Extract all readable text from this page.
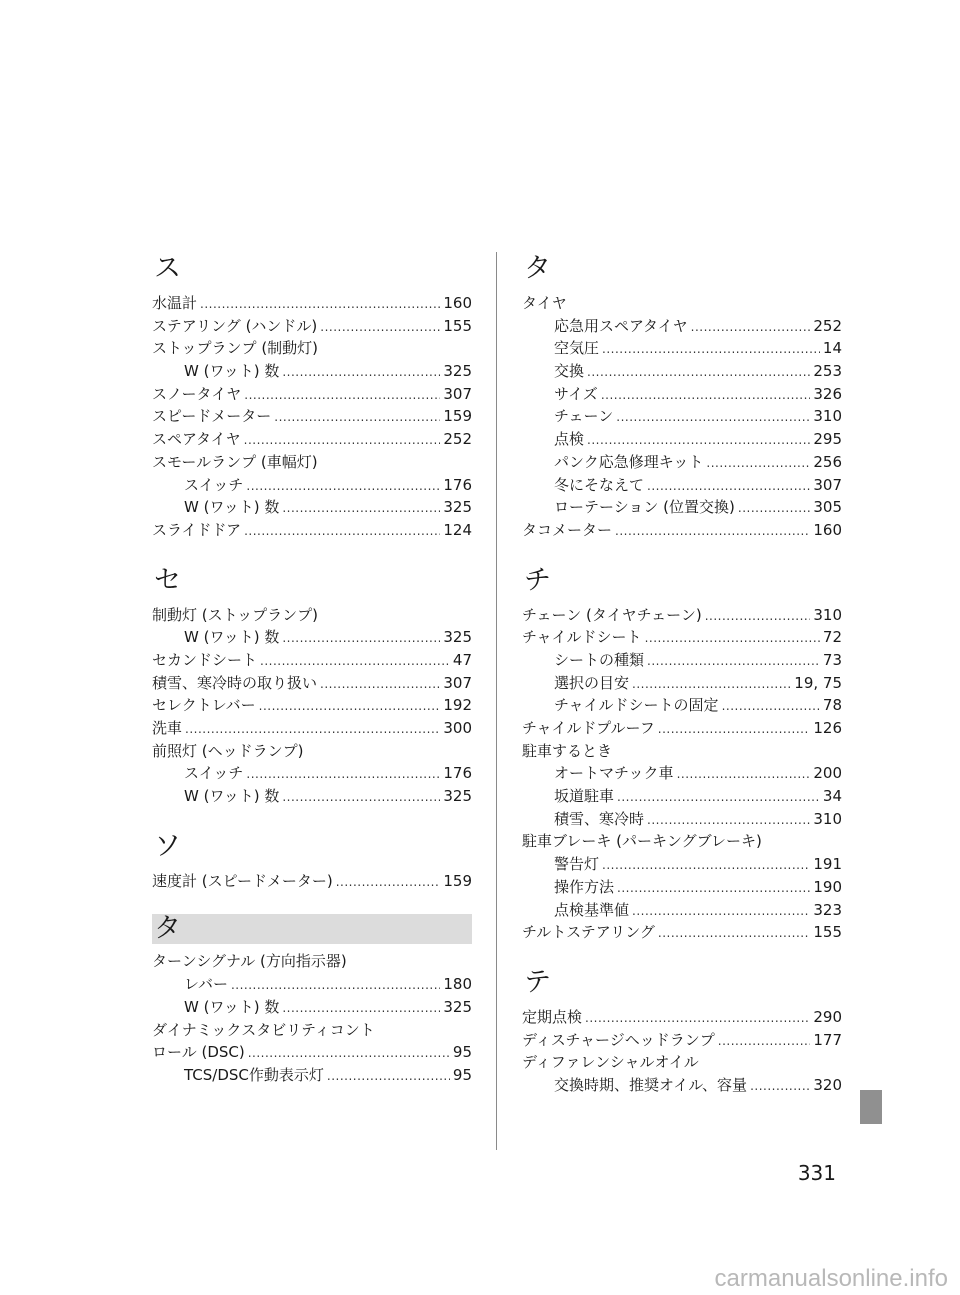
ス
水温計 .....	160
ステアリング (ハンドル) .....	155
ストップランプ (制動灯)
W (ワット) 数 .....	325
スノータイヤ .....	307
スピードメーター .....	159
スペアタイヤ .....	252
スモールランプ (車幅灯)
スイッチ .....	176
W (ワット) 数 .....	325
スライドドア .....	124
セ
制動灯 (ストップランプ)
W (ワット) 数 .....	325
セカンドシート .....	47
積雪、寒冷時の取り扱い .....	307
セレクトレバー .....	192
洗車 .....	300
前照灯 (ヘッドランプ)
スイッチ .....	176
W (ワット) 数 .....	325
ソ
速度計 (スピードメーター) .....	159
タ
ターンシグナル (方向指示器)
レバー .....	180
W (ワット) 数 .....	325
ダイナミックスタビリティコント
ロール (DSC) .....	95
TCS/DSC作動表示灯 .....	95
タ
タイヤ
応急用スペアタイヤ .....	252
空気圧 .....	14
交換 .....	253
サイズ .....	326
チェーン .....	310
点検 .....	295
パンク応急修理キット .....	256
冬にそなえて .....	307
ローテーション (位置交換) .....	305
タコメーター .....	160
チ
チェーン (タイヤチェーン) .....	310
チャイルドシート .....	72
シートの種類 .....	73
選択の目安 .....	19, 75
チャイルドシートの固定 .....	78
チャイルドプルーフ .....	126
駐車するとき
オートマチック車 .....	200
坂道駐車 .....	34
積雪、寒冷時 .....	310
駐車ブレーキ (パーキングブレーキ)
警告灯 .....	191
操作方法 .....	190
点検基準値 .....	323
チルトステアリング .....	155
テ
定期点検 .....	290
ディスチャージヘッドランプ .....	177
ディファレンシャルオイル
交換時期、推奨オイル、容量 .....	320
331
carmanualsonline.info
